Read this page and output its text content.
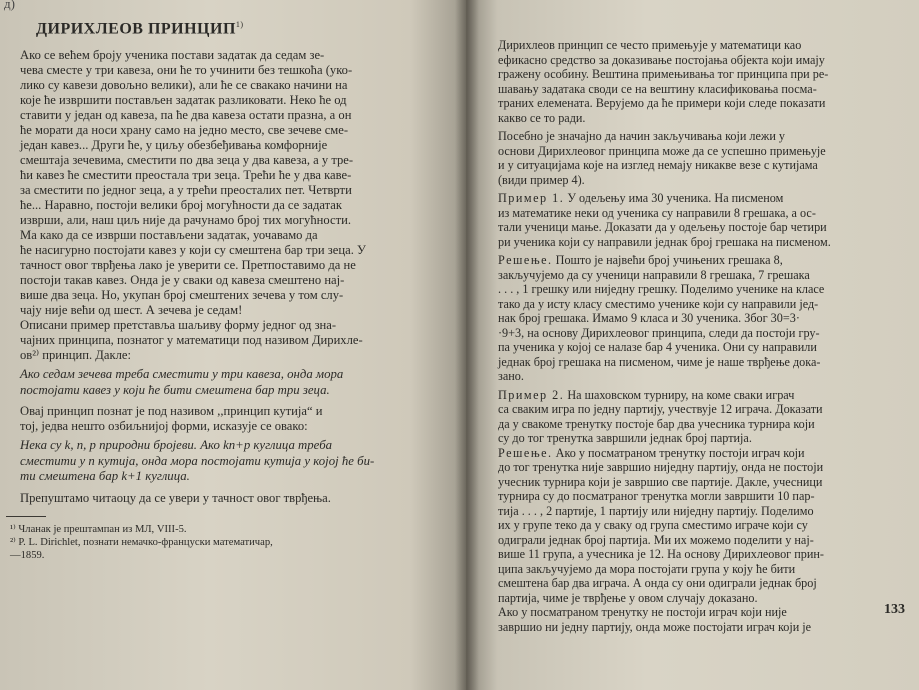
д)
ДИРИХЛЕОВ ПРИНЦИП$^{1)}$

Ако се већем броју ученика постави задатак да седам зе-
чева сместе у три кавеза, они ће то учинити без тешкоћа (уко-
лико су кавези довољно велики), али ће се свакако начини на
које ће извршити постављен задатак разликовати. Неко ће од
ставити у један од кавеза, па ће два кавеза остати празна, а он
ће морати да носи храну само на једно место, све зечеве сме-
један кавез... Други ће, у циљу обезбеђивања комфорније
смештаја зечевима, сместити по два зеца у два кавеза, а у тре-
ћи кавез ће сместити преостала три зеца. Трећи ће у два каве-
за сместити по једног зеца, а у трећи преосталих пет. Четврти
ће... Наравно, постоји велики број могућности да се задатак
изврши, али, наш циљ није да рачунамо број тих могућности.

Ма како да се изврши постављени задатак, уочавамо да
ће насигурно постојати кавез у који су смештена бар три зеца. У
тачност овог тврђења лако је уверити се. Претпоставимо да не
постоји такав кавез. Онда је у сваки од кавеза смештено нај-
више два зеца. Но, укупан број смештених зечева у том слу-
чају није већи од шест. А зечева је седам!

Описани пример претставља шаљиву форму једног од зна-
чајних принципа, познатог у математици под називом Дирихле-
ов²⁾ принцип. Дакле:

Ако седам зечева треба сместити у три кавеза, онда мора
постојати кавез у који ће бити смештена бар три зеца.

Овај принцип познат је под називом ,,принцип кутија“ и
тој, једва нешто озбиљнијој форми, исказује се овако:

Нека су k, n, p природни бројеви. Ако kn+p куглица треба
сместити у n кутија, онда мора постојати кутија у којој ће би-
ти смештена бар k+1 куглица.

Препуштамо читаоцу да се увери у тачност овог тврђења.

¹⁾ Чланак је прештампан из МЛ, VIII-5.
²⁾ P. L. Dirichlet, познати немачко-француски математичар,
—1859.

Дирихлеов принцип се често примењује у математици као
ефикасно средство за доказивање постојања објекта који имају
гражену особину. Вештина примењивања тог принципа при ре-
шавању задатака своди се на вештину класификовања посма-
траних елемената. Верујемо да ће примери који следе показати
какво се то ради.

Посебно је значајно да начин закључивања који лежи у
основи Дирихлеовог принципа може да се успешно примењује
и у ситуацијама које на изглед немају никакве везе с кутијама
(види пример 4).

Пример 1. У одељењу има 30 ученика. На писменом
из математике неки од ученика су направили 8 грешака, а ос-
тали ученици мање. Доказати да у одељењу постоје бар четири
ри ученика који су направили једнак број грешака на писменом.

Решење. Пошто је највећи број учињених грешака 8,
закључујемо да су ученици направили 8 грешака, 7 грешака
. . . , 1 грешку или ниједну грешку. Поделимо ученике на класе
тако да у исту класу сместимо ученике који су направили јед-
нак број грешака. Имамо 9 класа и 30 ученика. Због 30=3·
·9+3, на основу Дирихлеовог принципа, следи да постоји гру-
па ученика у којој се налазе бар 4 ученика. Они су направили
једнак број грешака на писменом, чиме је наше тврђење дока-
зано.

Пример 2. На шаховском турниру, на коме сваки играч
са сваким игра по једну партију, учествује 12 играча. Доказати
да у свакоме тренутку постоје бар два учесника турнира који
су до тог тренутка завршили једнак број партија.

Решење. Ако у посматраном тренутку постоји играч који
до тог тренутка није завршио ниједну партију, онда не постоји
учесник турнира који је завршио све партије. Дакле, учесници
турнира су до посматраног тренутка могли завршити 10 пар-
тија . . . , 2 партије, 1 партију или ниједну партију. Поделимо
их у групе теко да у сваку од група сместимо играче који су
одигрaли једнак број партија. Ми их можемо поделити у нај-
више 11 група, а учесника је 12. На основу Дирихлеовог прин-
ципа закључујемо да мора постојати група у коју ће бити
смештена бар два играча. А онда су они одиграли једнак број
партија, чиме је тврђење у овом случају доказано.

Ако у посматраном тренутку не постоји играч који није
завршио ни једну партију, онда може постојати играч који је

133
